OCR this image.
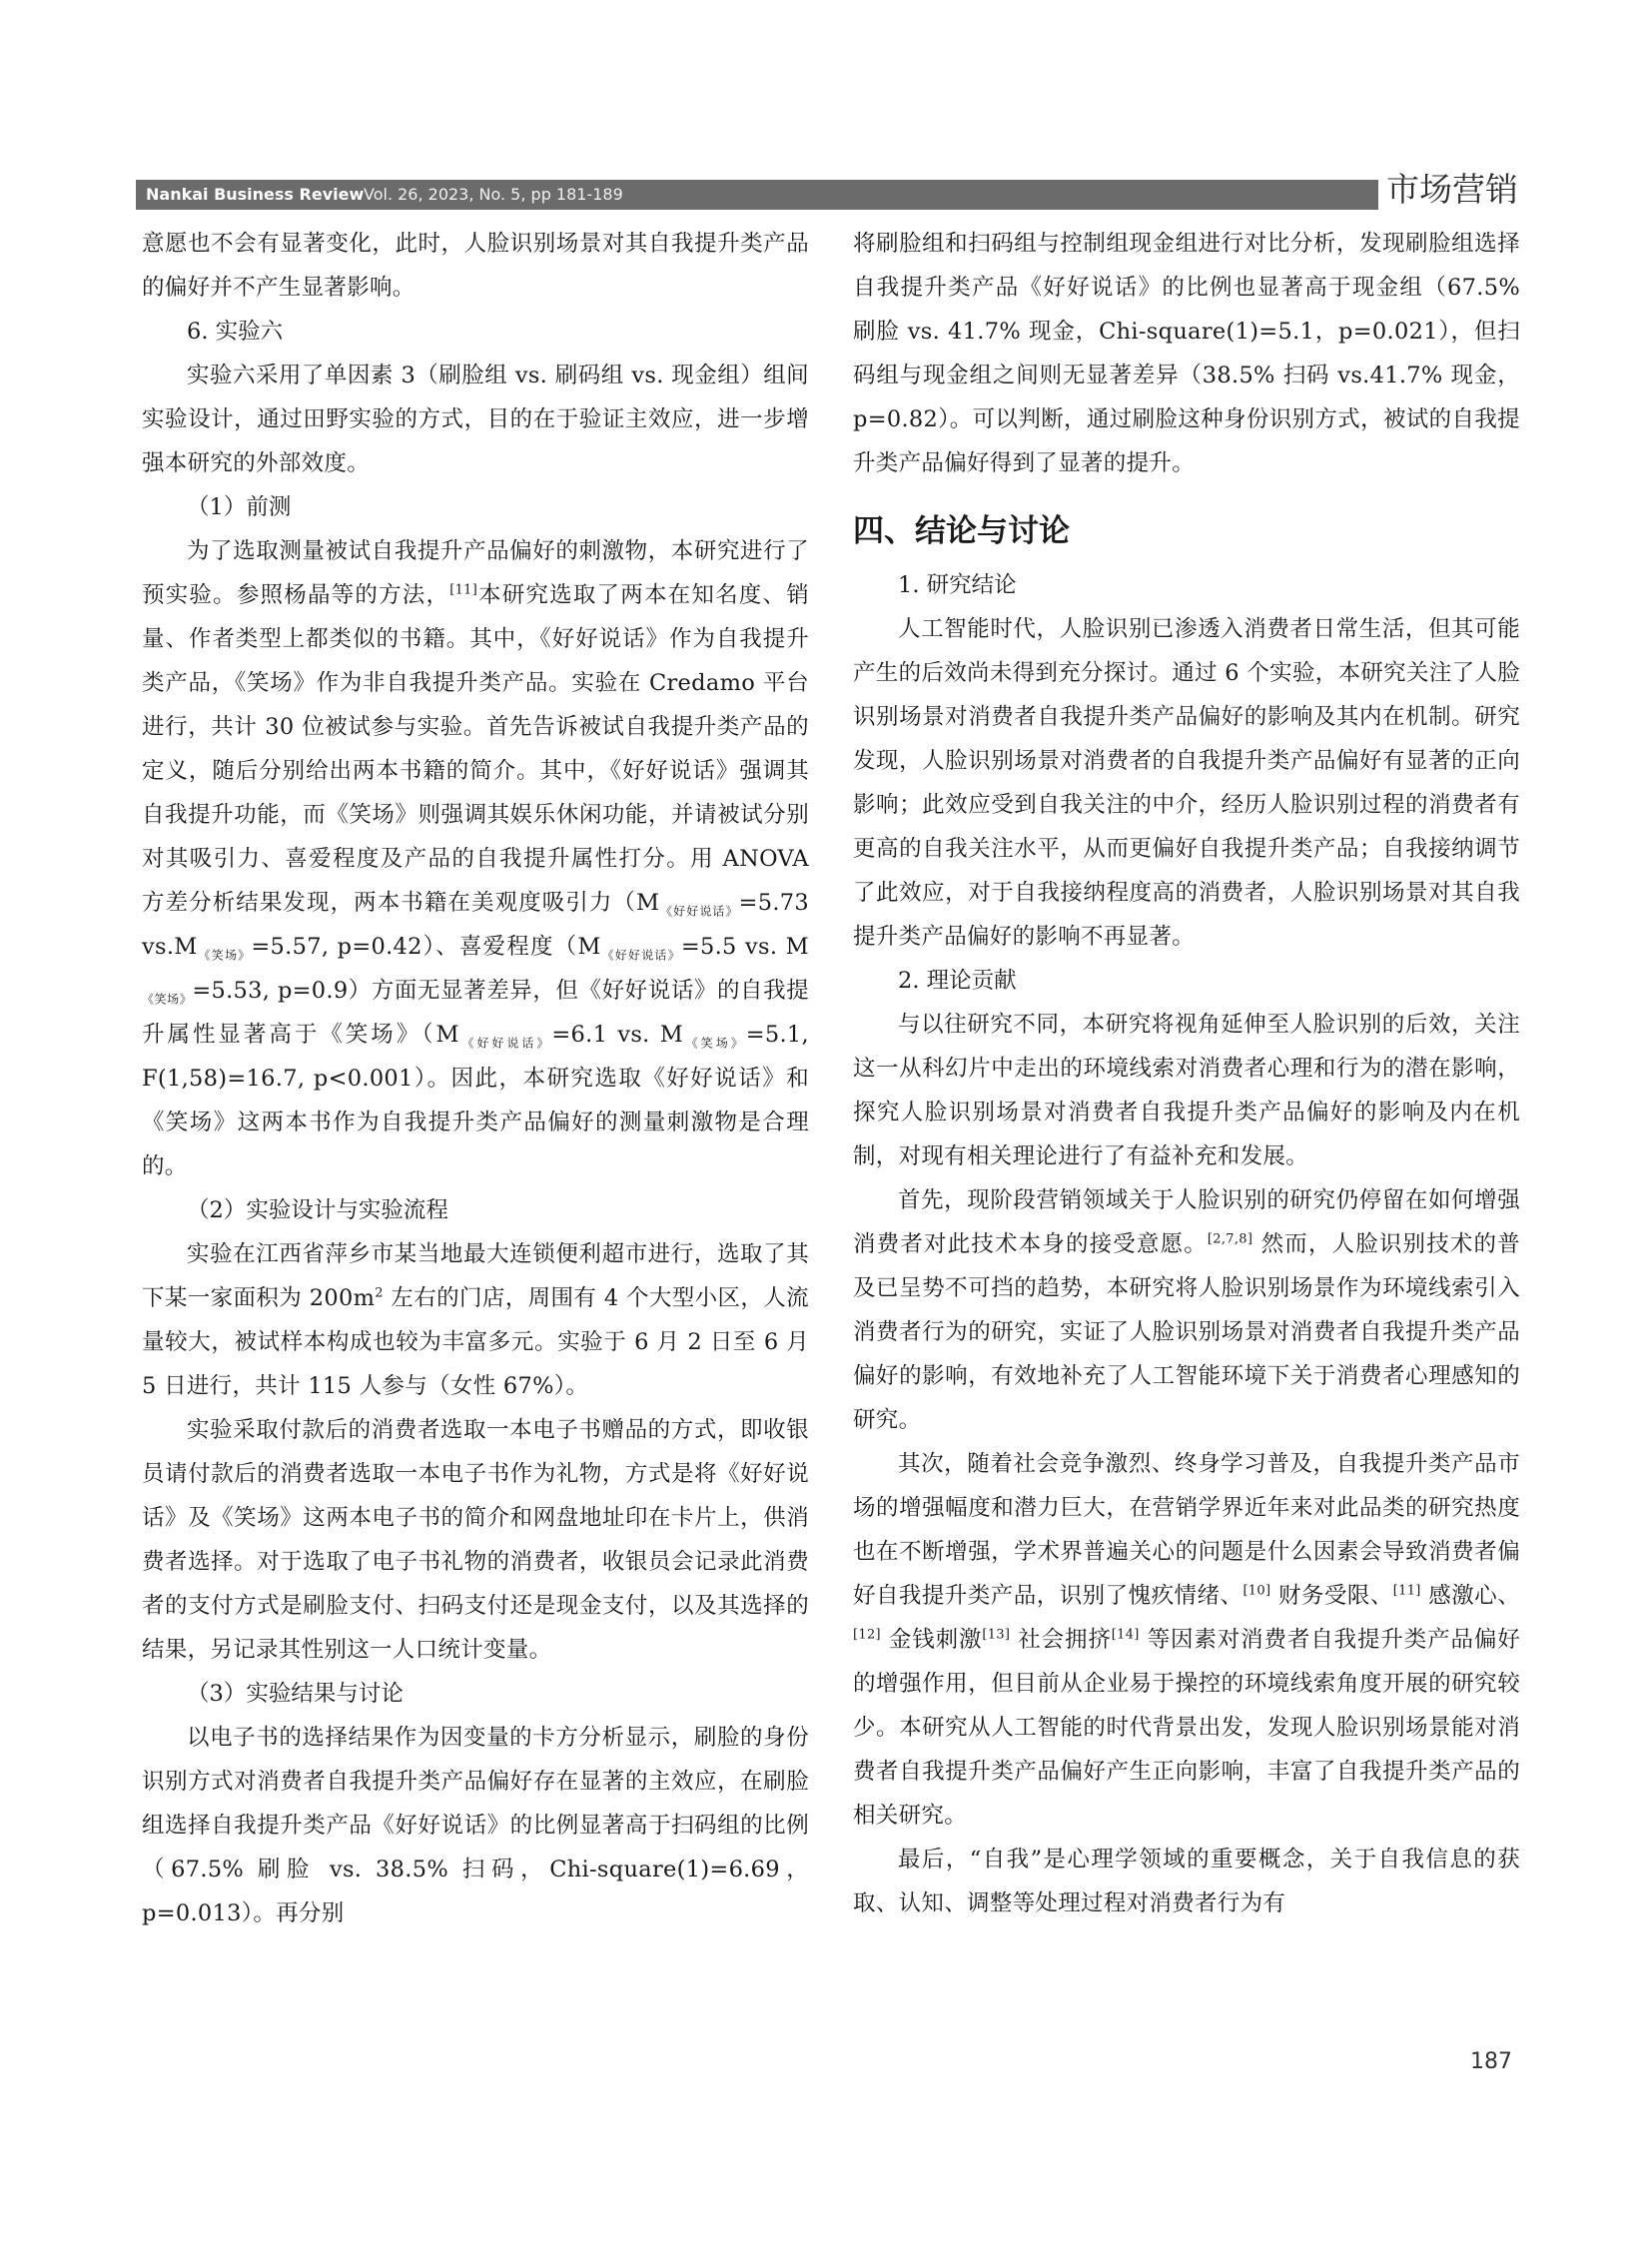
Nankai Business Review Vol. 26, 2023, No. 5, pp 181-189	市场营销

意愿也不会有显著变化，此时，人脸识别场景对其自我提升类产品的偏好并不产生显著影响。

6. 实验六

实验六采用了单因素 3（刷脸组 vs. 刷码组 vs. 现金组）组间实验设计，通过田野实验的方式，目的在于验证主效应，进一步增强本研究的外部效度。

（1）前测

为了选取测量被试自我提升产品偏好的刺激物，本研究进行了预实验。参照杨晶等的方法，[11]本研究选取了两本在知名度、销量、作者类型上都类似的书籍。其中，《好好说话》作为自我提升类产品，《笑场》作为非自我提升类产品。实验在 Credamo 平台进行，共计 30 位被试参与实验。首先告诉被试自我提升类产品的定义，随后分别给出两本书籍的简介。其中，《好好说话》强调其自我提升功能，而《笑场》则强调其娱乐休闲功能，并请被试分别对其吸引力、喜爱程度及产品的自我提升属性打分。用 ANOVA 方差分析结果发现，两本书籍在美观度吸引力（$M_{《好好说话》}=5.73$ $vs.M_{《笑场》}=5.57$, p=0.42）、喜爱程度（$M_{《好好说话》}=5.5$ vs. $M_{《笑场》}=5.53$, p=0.9）方面无显著差异，但《好好说话》的自我提升属性显著高于《笑场》（$M_{《好好说话》}=6.1$ vs. $M_{《笑场》}=5.1$, F(1,58)=16.7, p<0.001）。因此，本研究选取《好好说话》和《笑场》这两本书作为自我提升类产品偏好的测量刺激物是合理的。

（2）实验设计与实验流程

实验在江西省萍乡市某当地最大连锁便利超市进行，选取了其下某一家面积为 $200m^2$ 左右的门店，周围有 4 个大型小区，人流量较大，被试样本构成也较为丰富多元。实验于 6 月 2 日至 6 月 5 日进行，共计 115 人参与（女性 67%）。

实验采取付款后的消费者选取一本电子书赠品的方式，即收银员请付款后的消费者选取一本电子书作为礼物，方式是将《好好说话》及《笑场》这两本电子书的简介和网盘地址印在卡片上，供消费者选择。对于选取了电子书礼物的消费者，收银员会记录此消费者的支付方式是刷脸支付、扫码支付还是现金支付，以及其选择的结果，另记录其性别这一人口统计变量。

（3）实验结果与讨论

以电子书的选择结果作为因变量的卡方分析显示，刷脸的身份识别方式对消费者自我提升类产品偏好存在显著的主效应，在刷脸组选择自我提升类产品《好好说话》的比例显著高于扫码组的比例（67.5% 刷脸 vs. 38.5% 扫码，Chi-square(1)=6.69，p=0.013）。再分别

将刷脸组和扫码组与控制组现金组进行对比分析，发现刷脸组选择自我提升类产品《好好说话》的比例也显著高于现金组（67.5% 刷脸 vs. 41.7% 现金，Chi-square(1)=5.1，p=0.021），但扫码组与现金组之间则无显著差异（38.5% 扫码 vs.41.7% 现金，p=0.82）。可以判断，通过刷脸这种身份识别方式，被试的自我提升类产品偏好得到了显著的提升。

四、结论与讨论
1. 研究结论

人工智能时代，人脸识别已渗透入消费者日常生活，但其可能产生的后效尚未得到充分探讨。通过 6 个实验，本研究关注了人脸识别场景对消费者自我提升类产品偏好的影响及其内在机制。研究发现，人脸识别场景对消费者的自我提升类产品偏好有显著的正向影响；此效应受到自我关注的中介，经历人脸识别过程的消费者有更高的自我关注水平，从而更偏好自我提升类产品；自我接纳调节了此效应，对于自我接纳程度高的消费者，人脸识别场景对其自我提升类产品偏好的影响不再显著。

2. 理论贡献

与以往研究不同，本研究将视角延伸至人脸识别的后效，关注这一从科幻片中走出的环境线索对消费者心理和行为的潜在影响，探究人脸识别场景对消费者自我提升类产品偏好的影响及内在机制，对现有相关理论进行了有益补充和发展。

首先，现阶段营销领域关于人脸识别的研究仍停留在如何增强消费者对此技术本身的接受意愿。[2,7,8] 然而，人脸识别技术的普及已呈势不可挡的趋势，本研究将人脸识别场景作为环境线索引入消费者行为的研究，实证了人脸识别场景对消费者自我提升类产品偏好的影响，有效地补充了人工智能环境下关于消费者心理感知的研究。

其次，随着社会竞争激烈、终身学习普及，自我提升类产品市场的增强幅度和潜力巨大，在营销学界近年来对此品类的研究热度也在不断增强，学术界普遍关心的问题是什么因素会导致消费者偏好自我提升类产品，识别了愧疚情绪、[10] 财务受限、[11] 感激心、[12] 金钱刺激[13] 社会拥挤[14] 等因素对消费者自我提升类产品偏好的增强作用，但目前从企业易于操控的环境线索角度开展的研究较少。本研究从人工智能的时代背景出发，发现人脸识别场景能对消费者自我提升类产品偏好产生正向影响，丰富了自我提升类产品的相关研究。

最后，“自我”是心理学领域的重要概念，关于自我信息的获取、认知、调整等处理过程对消费者行为有

187
